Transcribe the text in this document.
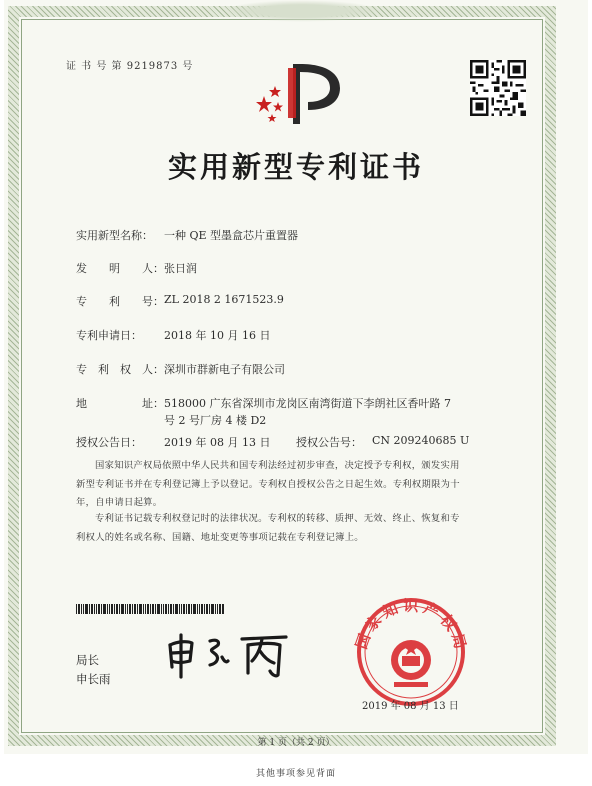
证 书 号 第 9219873 号
实用新型专利证书
实用新型名称： 一种 QE 型墨盒芯片重置器
发　　明　　人： 张日润
专　　利　　号： ZL 2018 2 1671523.9
专利申请日： 2018 年 10 月 16 日
专　利　权　人： 深圳市群新电子有限公司
地　　　　　址： 518000 广东省深圳市龙岗区南湾街道下李朗社区香叶路 7
号 2 号厂房 4 楼 D2
授权公告日： 2019 年 08 月 13 日 授权公告号： CN 209240685 U
国家知识产权局依照中华人民共和国专利法经过初步审查，决定授予专利权，颁发实用
新型专利证书并在专利登记簿上予以登记。专利权自授权公告之日起生效。专利权期限为十
年，自申请日起算。
专利证书记载专利权登记时的法律状况。专利权的转移、质押、无效、终止、恢复和专
利权人的姓名或名称、国籍、地址变更等事项记载在专利登记簿上。
局长
申长雨
国家知识产权局
2019 年 08 月 13 日
第 1 页（共 2 页）
其他事项参见背面
